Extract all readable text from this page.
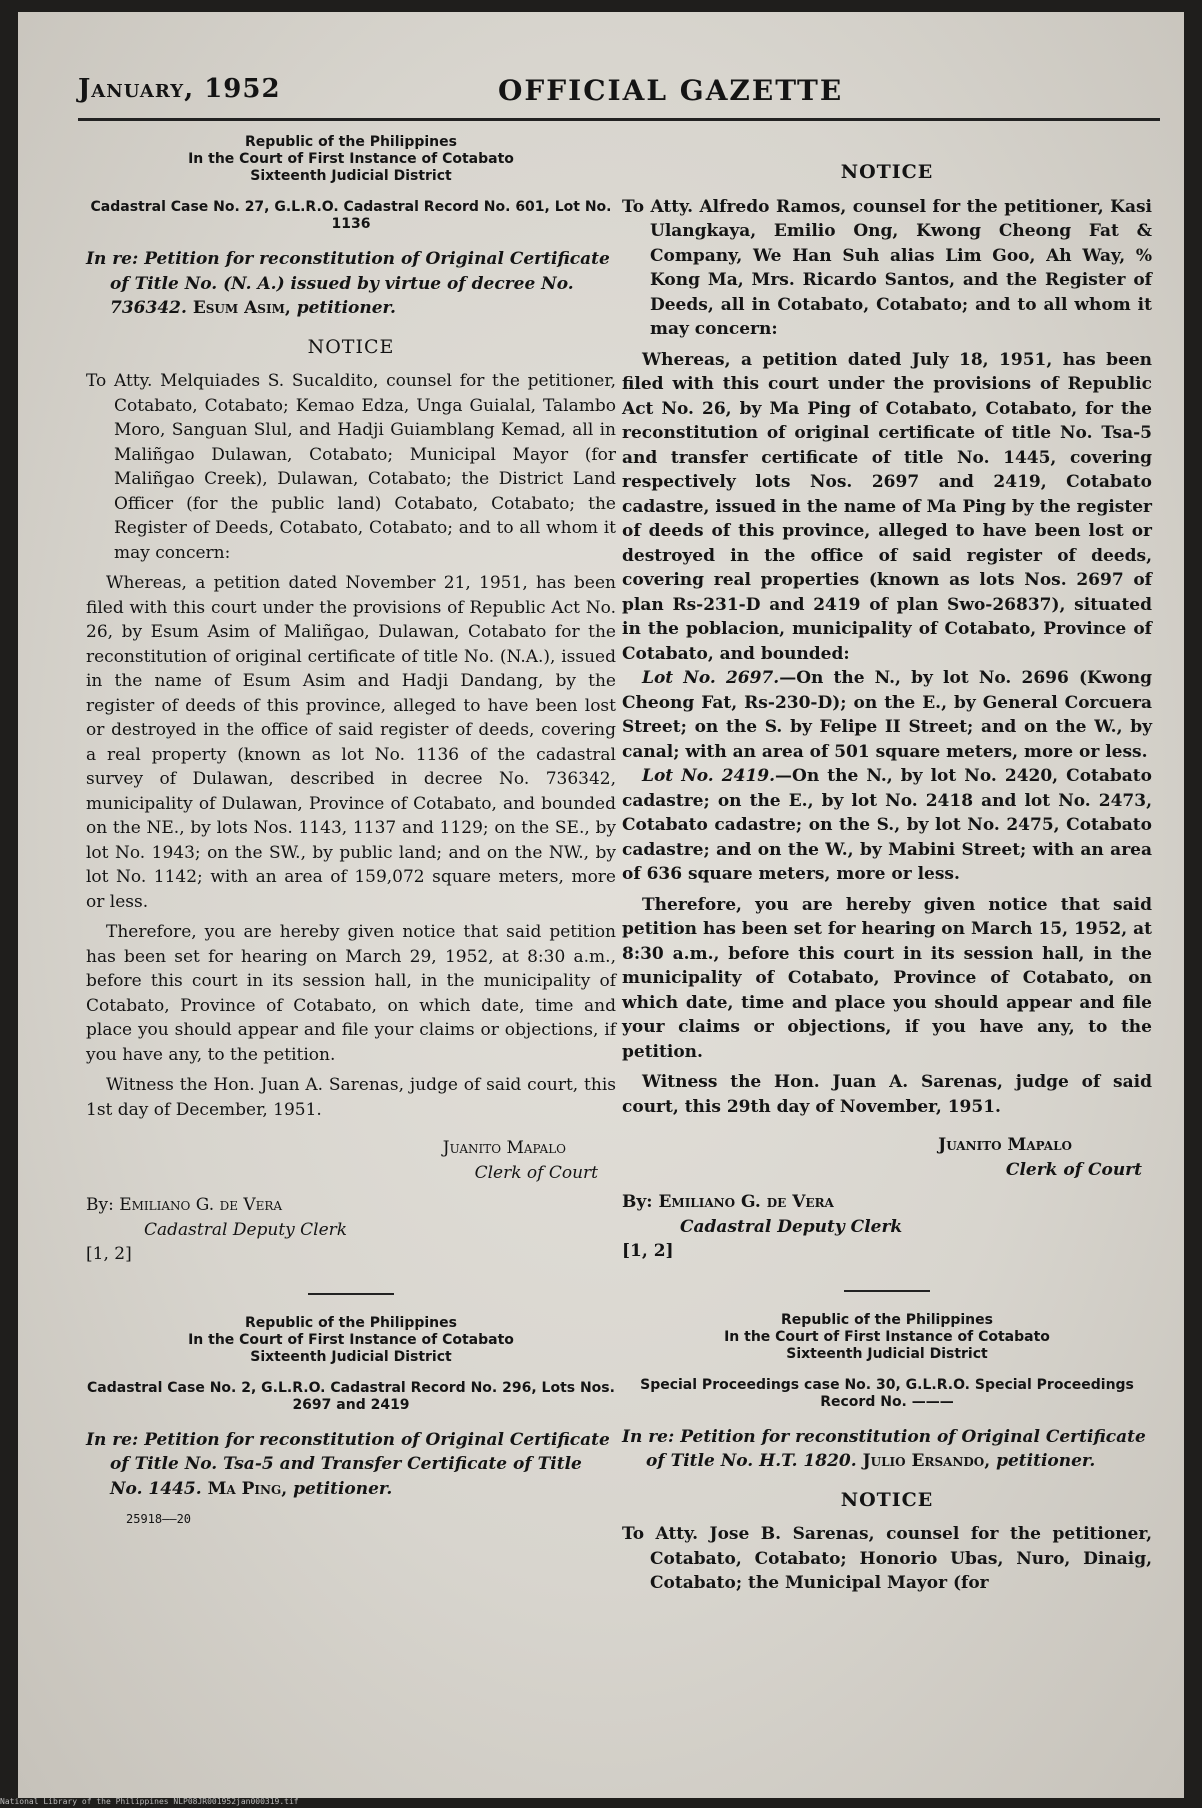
January, 1952	OFFICIAL GAZETTE
Republic of the Philippines
In the Court of First Instance of Cotabato
Sixteenth Judicial District
Cadastral Case No. 27, G.L.R.O. Cadastral Record No. 601, Lot No. 1136
In re: Petition for reconstitution of Original Certificate of Title No. (N. A.) issued by virtue of decree No. 736342. Esum Asim, petitioner.
NOTICE
To Atty. Melquiades S. Sucaldito, counsel for the petitioner, Cotabato, Cotabato; Kemao Edza, Unga Guialal, Talambo Moro, Sanguan Slul, and Hadji Guiamblang Kemad, all in Maliñgao Dulawan, Cotabato; Municipal Mayor (for Maliñgao Creek), Dulawan, Cotabato; the District Land Officer (for the public land) Cotabato, Cotabato; the Register of Deeds, Cotabato, Cotabato; and to all whom it may concern:
Whereas, a petition dated November 21, 1951, has been filed with this court under the provisions of Republic Act No. 26, by Esum Asim of Maliñgao, Dulawan, Cotabato for the reconstitution of original certificate of title No. (N.A.), issued in the name of Esum Asim and Hadji Dandang, by the register of deeds of this province, alleged to have been lost or destroyed in the office of said register of deeds, covering a real property (known as lot No. 1136 of the cadastral survey of Dulawan, described in decree No. 736342, municipality of Dulawan, Province of Cotabato, and bounded on the NE., by lots Nos. 1143, 1137 and 1129; on the SE., by lot No. 1943; on the SW., by public land; and on the NW., by lot No. 1142; with an area of 159,072 square meters, more or less.
Therefore, you are hereby given notice that said petition has been set for hearing on March 29, 1952, at 8:30 a.m., before this court in its session hall, in the municipality of Cotabato, Province of Cotabato, on which date, time and place you should appear and file your claims or objections, if you have any, to the petition.
Witness the Hon. Juan A. Sarenas, judge of said court, this 1st day of December, 1951.
Juanito Mapalo
Clerk of Court
By: Emiliano G. de Vera
Cadastral Deputy Clerk
[1, 2]
Republic of the Philippines
In the Court of First Instance of Cotabato
Sixteenth Judicial District
Cadastral Case No. 2, G.L.R.O. Cadastral Record No. 296, Lots Nos. 2697 and 2419
In re: Petition for reconstitution of Original Certificate of Title No. Tsa-5 and Transfer Certificate of Title No. 1445. Ma Ping, petitioner.
25918——20
NOTICE
To Atty. Alfredo Ramos, counsel for the petitioner, Kasi Ulangkaya, Emilio Ong, Kwong Cheong Fat & Company, We Han Suh alias Lim Goo, Ah Way, % Kong Ma, Mrs. Ricardo Santos, and the Register of Deeds, all in Cotabato, Cotabato; and to all whom it may concern:
Whereas, a petition dated July 18, 1951, has been filed with this court under the provisions of Republic Act No. 26, by Ma Ping of Cotabato, Cotabato, for the reconstitution of original certificate of title No. Tsa-5 and transfer certificate of title No. 1445, covering respectively lots Nos. 2697 and 2419, Cotabato cadastre, issued in the name of Ma Ping by the register of deeds of this province, alleged to have been lost or destroyed in the office of said register of deeds, covering real properties (known as lots Nos. 2697 of plan Rs-231-D and 2419 of plan Swo-26837), situated in the poblacion, municipality of Cotabato, Province of Cotabato, and bounded:
Lot No. 2697.—On the N., by lot No. 2696 (Kwong Cheong Fat, Rs-230-D); on the E., by General Corcuera Street; on the S. by Felipe II Street; and on the W., by canal; with an area of 501 square meters, more or less.
Lot No. 2419.—On the N., by lot No. 2420, Cotabato cadastre; on the E., by lot No. 2418 and lot No. 2473, Cotabato cadastre; on the S., by lot No. 2475, Cotabato cadastre; and on the W., by Mabini Street; with an area of 636 square meters, more or less.
Therefore, you are hereby given notice that said petition has been set for hearing on March 15, 1952, at 8:30 a.m., before this court in its session hall, in the municipality of Cotabato, Province of Cotabato, on which date, time and place you should appear and file your claims or objections, if you have any, to the petition.
Witness the Hon. Juan A. Sarenas, judge of said court, this 29th day of November, 1951.
Juanito Mapalo
Clerk of Court
By: Emiliano G. de Vera
Cadastral Deputy Clerk
[1, 2]
Republic of the Philippines
In the Court of First Instance of Cotabato
Sixteenth Judicial District
Special Proceedings case No. 30, G.L.R.O. Special Proceedings Record No. ———
In re: Petition for reconstitution of Original Certificate of Title No. H.T. 1820. Julio Ersando, petitioner.
NOTICE
To Atty. Jose B. Sarenas, counsel for the petitioner, Cotabato, Cotabato; Honorio Ubas, Nuro, Dinaig, Cotabato; the Municipal Mayor (for
National Library of the Philippines NLP08JR001952jan000319.tif
